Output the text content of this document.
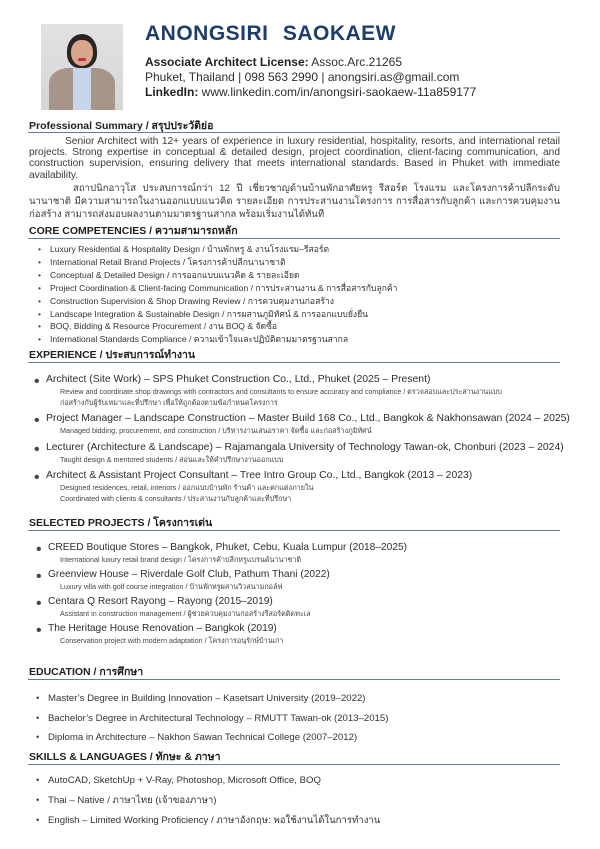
ANONGSIRI SAOKAEW
Associate Architect License: Assoc.Arc.21265
Phuket, Thailand | 098 563 2990 | anongsiri.as@gmail.com
LinkedIn: www.linkedin.com/in/anongsiri-saokaew-11a859177
Professional Summary / สรุปประวัติย่อ
Senior Architect with 12+ years of experience in luxury residential, hospitality, resorts, and international retail projects. Strong expertise in conceptual & detailed design, project coordination, client-facing communication, and construction supervision, ensuring delivery that meets international standards. Based in Phuket with immediate availability.
สถาปนิกอาวุโส ประสบการณ์กว่า 12 ปี เชี่ยวชาญด้านบ้านพักอาศัยหรู รีสอร์ต โรงแรม และโครงการค้าปลีกระดับนานาชาติ มีความสามารถในงานออกแบบแนวคิด รายละเอียด การประสานงานโครงการ การสื่อสารกับลูกค้า และการควบคุมงานก่อสร้าง สามารถส่งมอบผลงานตามมาตรฐานสากล พร้อมเริ่มงานได้ทันที
CORE COMPETENCIES / ความสามารถหลัก
• Luxury Residential & Hospitality Design / บ้านพักหรู & งานโรงแรม–รีสอร์ต
• International Retail Brand Projects / โครงการค้าปลีกนานาชาติ
• Conceptual & Detailed Design / การออกแบบแนวคิด & รายละเอียด
• Project Coordination & Client-facing Communication / การประสานงาน & การสื่อสารกับลูกค้า
• Construction Supervision & Shop Drawing Review / การควบคุมงานก่อสร้าง
• Landscape Integration & Sustainable Design / การผสานภูมิทัศน์ & การออกแบบยั่งยืน
• BOQ, Bidding & Resource Procurement / งาน BOQ & จัดซื้อ
• International Standards Compliance / ความเข้าใจและปฏิบัติตามมาตรฐานสากล
EXPERIENCE / ประสบการณ์ทำงาน
• Architect (Site Work) – SPS Phuket Construction Co., Ltd., Phuket (2025 – Present)
Review and coordinate shop drawings with contractors and consultants to ensure accuracy and compliance / ตรวจสอบและประสานงานแบบ
ก่อสร้างกับผู้รับเหมาและที่ปรึกษา เพื่อให้ถูกต้องตามข้อกำหนดโครงการ
• Project Manager – Landscape Construction – Master Build 168 Co., Ltd., Bangkok & Nakhonsawan (2024 – 2025)
Managed bidding, procurement, and construction / บริหารงานเสนอราคา จัดซื้อ และก่อสร้างภูมิทัศน์
• Lecturer (Architecture & Landscape) – Rajamangala University of Technology Tawan-ok, Chonburi (2023 – 2024)
Taught design & mentored students / สอนและให้คำปรึกษางานออกแบบ
• Architect & Assistant Project Consultant – Tree Intro Group Co., Ltd., Bangkok (2013 – 2023)
Designed residences, retail, interiors / ออกแบบบ้านพัก ร้านค้า และตกแต่งภายใน
Coordinated with clients & consultants / ประสานงานกับลูกค้าและที่ปรึกษา
SELECTED PROJECTS / โครงการเด่น
• CREED Boutique Stores – Bangkok, Phuket, Cebu, Kuala Lumpur (2018–2025)
International luxury retail brand design / โครงการค้าปลีกหรูแบรนด์นานาชาติ
• Greenview House – Riverdale Golf Club, Pathum Thani (2022)
Luxury villa with golf course integration / บ้านพักหรูผสานวิวสนามกอล์ฟ
• Centara Q Resort Rayong – Rayong (2015–2019)
Assistant in construction management / ผู้ช่วยควบคุมงานก่อสร้างรีสอร์ตติดทะเล
• The Heritage House Renovation – Bangkok (2019)
Conservation project with modern adaptation / โครงการอนุรักษ์บ้านเก่า
EDUCATION / การศึกษา
• Master’s Degree in Building Innovation – Kasetsart University (2019–2022)
• Bachelor’s Degree in Architectural Technology – RMUTT Tawan-ok (2013–2015)
• Diploma in Architecture – Nakhon Sawan Technical College (2007–2012)
SKILLS & LANGUAGES / ทักษะ & ภาษา
• AutoCAD, SketchUp + V-Ray, Photoshop, Microsoft Office, BOQ
• Thai – Native / ภาษาไทย (เจ้าของภาษา)
• English – Limited Working Proficiency / ภาษาอังกฤษ: พอใช้งานได้ในการทำงาน
